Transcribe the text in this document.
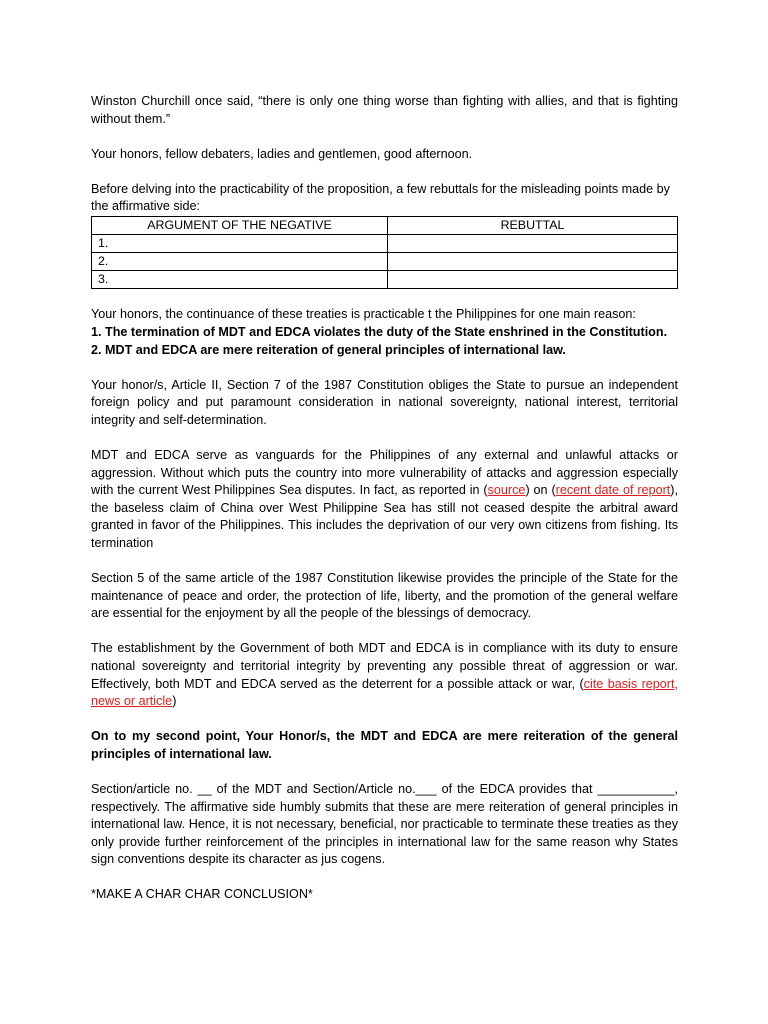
Winston Churchill once said, “there is only one thing worse than fighting with allies, and that is fighting without them.”

Your honors, fellow debaters, ladies and gentlemen, good afternoon.

Before delving into the practicability of the proposition, a few rebuttals for the misleading points made by the affirmative side:

ARGUMENT OF THE NEGATIVE	REBUTTAL
1.	
2.	
3.	

Your honors, the continuance of these treaties is practicable t the Philippines for one main reason:
1. The termination of MDT and EDCA violates the duty of the State enshrined in the Constitution.
2. MDT and EDCA are mere reiteration of general principles of international law.

Your honor/s, Article II, Section 7 of the 1987 Constitution obliges the State to pursue an independent foreign policy and put paramount consideration in national sovereignty, national interest, territorial integrity and self-determination.

MDT and EDCA serve as vanguards for the Philippines of any external and unlawful attacks or aggression. Without which puts the country into more vulnerability of attacks and aggression especially with the current West Philippines Sea disputes. In fact, as reported in (source) on (recent date of report), the baseless claim of China over West Philippine Sea has still not ceased despite the arbitral award granted in favor of the Philippines. This includes the deprivation of our very own citizens from fishing. Its termination

Section 5 of the same article of the 1987 Constitution likewise provides the principle of the State for the maintenance of peace and order, the protection of life, liberty, and the promotion of the general welfare are essential for the enjoyment by all the people of the blessings of democracy.

The establishment by the Government of both MDT and EDCA is in compliance with its duty to ensure national sovereignty and territorial integrity by preventing any possible threat of aggression or war. Effectively, both MDT and EDCA served as the deterrent for a possible attack or war, (cite basis report, news or article)

On to my second point, Your Honor/s, the MDT and EDCA are mere reiteration of the general principles of international law.

Section/article no. __ of the MDT and Section/Article no.___ of the EDCA provides that ___________, respectively. The affirmative side humbly submits that these are mere reiteration of general principles in international law. Hence, it is not necessary, beneficial, nor practicable to terminate these treaties as they only provide further reinforcement of the principles in international law for the same reason why States sign conventions despite its character as jus cogens.

*MAKE A CHAR CHAR CONCLUSION*
